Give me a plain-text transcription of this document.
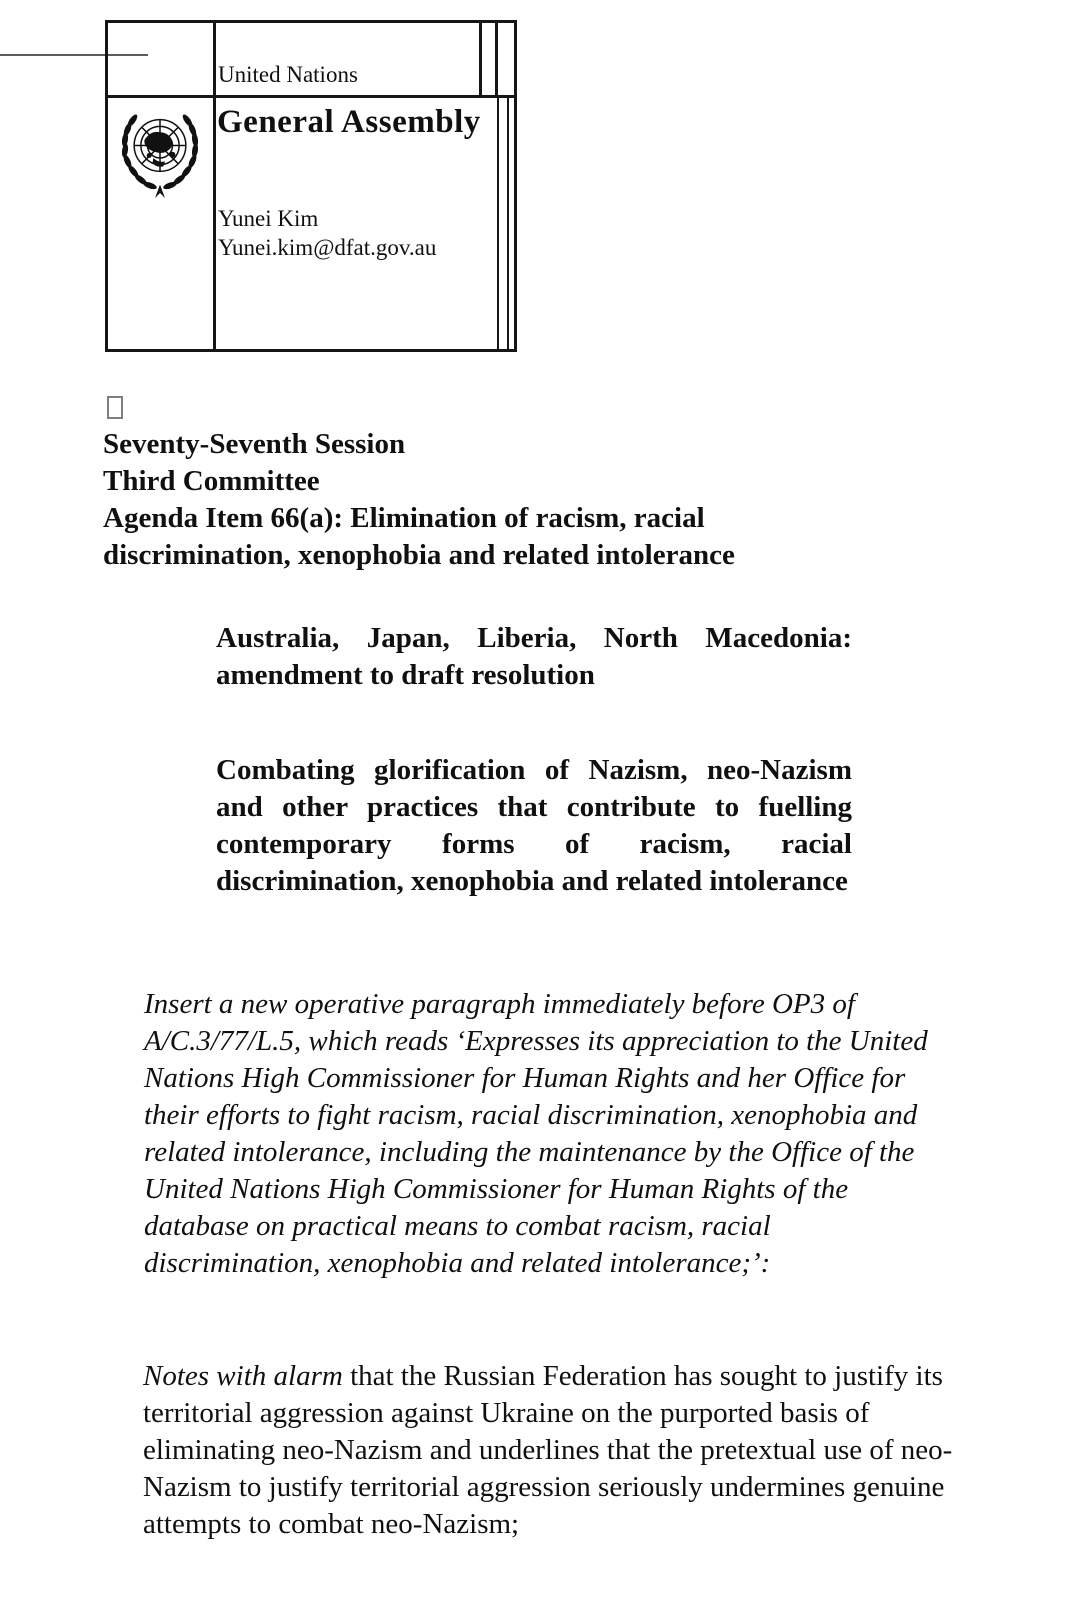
United Nations
General Assembly
Yunei Kim
Yunei.kim@dfat.gov.au
Seventy-Seventh Session
Third Committee
Agenda Item 66(a): Elimination of racism, racial discrimination, xenophobia and related intolerance
Australia, Japan, Liberia, North Macedonia: amendment to draft resolution
Combating glorification of Nazism, neo-Nazism and other practices that contribute to fuelling contemporary forms of racism, racial discrimination, xenophobia and related intolerance
Insert a new operative paragraph immediately before OP3 of A/C.3/77/L.5, which reads ‘Expresses its appreciation to the United Nations High Commissioner for Human Rights and her Office for their efforts to fight racism, racial discrimination, xenophobia and related intolerance, including the maintenance by the Office of the United Nations High Commissioner for Human Rights of the database on practical means to combat racism, racial discrimination, xenophobia and related intolerance;’:
Notes with alarm that the Russian Federation has sought to justify its territorial aggression against Ukraine on the purported basis of eliminating neo-Nazism and underlines that the pretextual use of neo-Nazism to justify territorial aggression seriously undermines genuine attempts to combat neo-Nazism;
